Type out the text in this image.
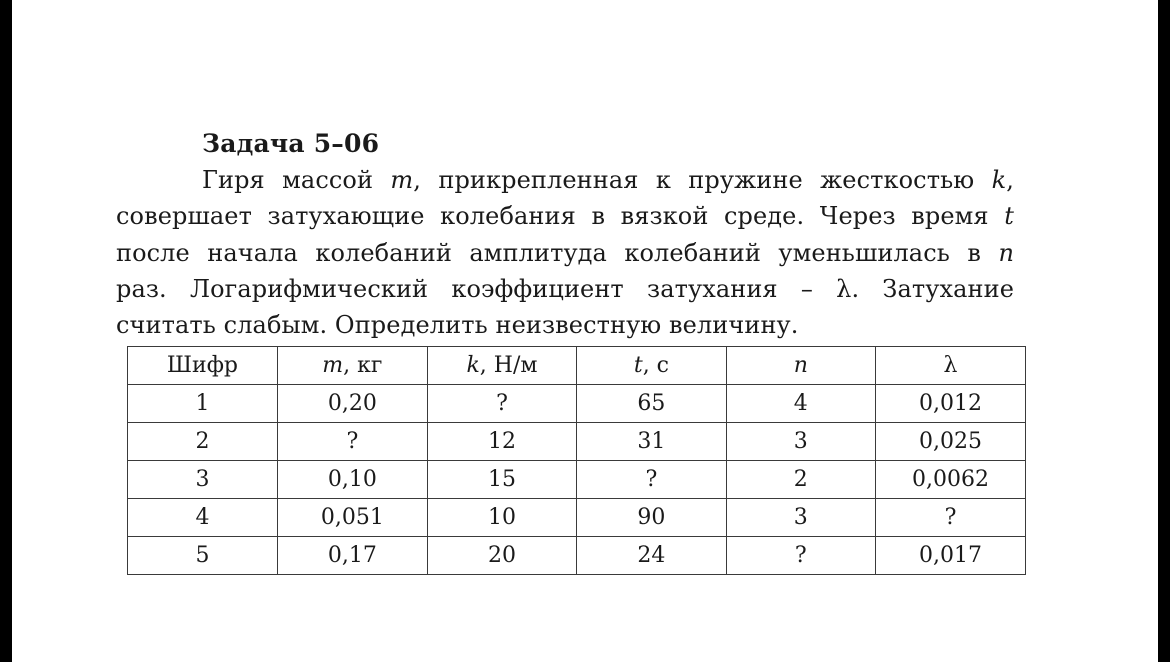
Задача 5–06
Гиря массой m, прикрепленная к пружине жесткостью k,
совершает затухающие колебания в вязкой среде. Через время t
после начала колебаний амплитуда колебаний уменьшилась в n
раз. Логарифмический коэффициент затухания – λ. Затухание
считать слабым. Определить неизвестную величину.
Шифр	m, кг	k, Н/м	t, с	n	λ
1	0,20	?	65	4	0,012
2	?	12	31	3	0,025
3	0,10	15	?	2	0,0062
4	0,051	10	90	3	?
5	0,17	20	24	?	0,017
